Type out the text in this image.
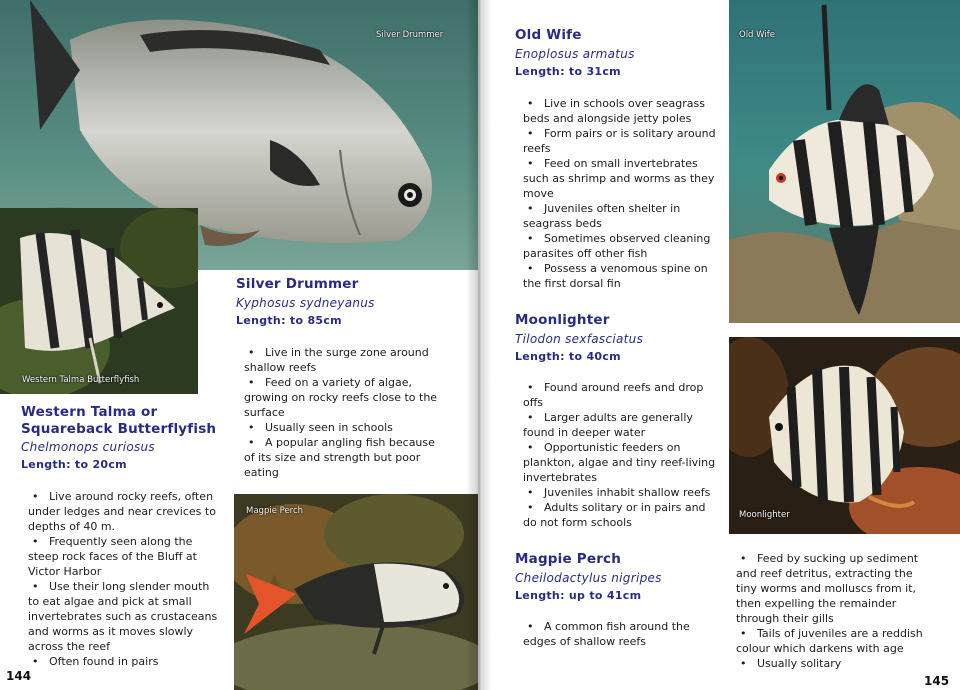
Silver Drummer
Western Talma Butterflyfish
Silver Drummer
Kyphosus sydneyanus
Length: to 85cm
• Live in the surge zone around shallow reefs
• Feed on a variety of algae, growing on rocky reefs close to the surface
• Usually seen in schools
• A popular angling fish because of its size and strength but poor eating
Western Talma or
Squareback Butterflyfish
Chelmonops curiosus
Length: to 20cm
• Live around rocky reefs, often under ledges and near crevices to depths of 40 m.
• Frequently seen along the steep rock faces of the Bluff at Victor Harbor
• Use their long slender mouth to eat algae and pick at small invertebrates such as crustaceans and worms as it moves slowly across the reef
• Often found in pairs
Magpie Perch
144
Old Wife
Enoplosus armatus
Length: to 31cm
• Live in schools over seagrass beds and alongside jetty poles
• Form pairs or is solitary around reefs
• Feed on small invertebrates such as shrimp and worms as they move
• Juveniles often shelter in seagrass beds
• Sometimes observed cleaning parasites off other fish
• Possess a venomous spine on the first dorsal fin
Moonlighter
Tilodon sexfasciatus
Length: to 40cm
• Found around reefs and drop offs
• Larger adults are generally found in deeper water
• Opportunistic feeders on plankton, algae and tiny reef-living invertebrates
• Juveniles inhabit shallow reefs
• Adults solitary or in pairs and do not form schools
Magpie Perch
Cheilodactylus nigripes
Length: up to 41cm
• A common fish around the edges of shallow reefs
Old Wife
Moonlighter
• Feed by sucking up sediment and reef detritus, extracting the tiny worms and molluscs from it, then expelling the remainder through their gills
• Tails of juveniles are a reddish colour which darkens with age
• Usually solitary
145
